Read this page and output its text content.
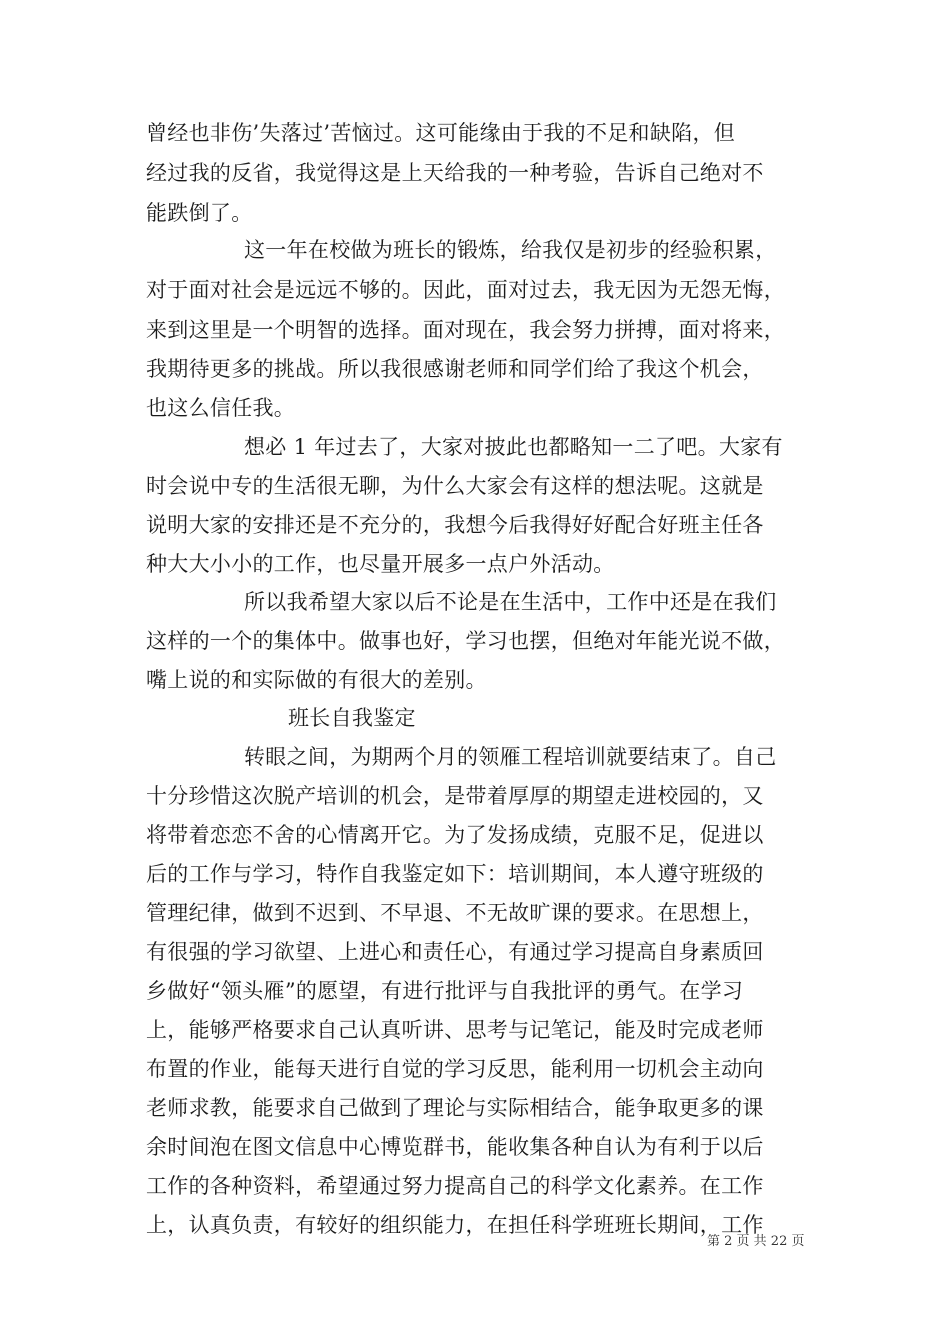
曾经也非伤’失落过’苦恼过。这可能缘由于我的不足和缺陷，但
经过我的反省，我觉得这是上天给我的一种考验，告诉自己绝对不
能跌倒了。
这一年在校做为班长的锻炼，给我仅是初步的经验积累，
对于面对社会是远远不够的。因此，面对过去，我无因为无怨无悔，
来到这里是一个明智的选择。面对现在，我会努力拼搏，面对将来，
我期待更多的挑战。所以我很感谢老师和同学们给了我这个机会，
也这么信任我。
想必 1 年过去了，大家对披此也都略知一二了吧。大家有
时会说中专的生活很无聊，为什么大家会有这样的想法呢。这就是
说明大家的安排还是不充分的，我想今后我得好好配合好班主任各
种大大小小的工作，也尽量开展多一点户外活动。
所以我希望大家以后不论是在生活中，工作中还是在我们
这样的一个的集体中。做事也好，学习也摆，但绝对年能光说不做，
嘴上说的和实际做的有很大的差别。
班长自我鉴定
转眼之间，为期两个月的领雁工程培训就要结束了。自己
十分珍惜这次脱产培训的机会，是带着厚厚的期望走进校园的，又
将带着恋恋不舍的心情离开它。为了发扬成绩，克服不足，促进以
后的工作与学习，特作自我鉴定如下：培训期间，本人遵守班级的
管理纪律，做到不迟到、不早退、不无故旷课的要求。在思想上，
有很强的学习欲望、上进心和责任心，有通过学习提高自身素质回
乡做好“领头雁”的愿望，有进行批评与自我批评的勇气。在学习
上，能够严格要求自己认真听讲、思考与记笔记，能及时完成老师
布置的作业，能每天进行自觉的学习反思，能利用一切机会主动向
老师求教，能要求自己做到了理论与实际相结合，能争取更多的课
余时间泡在图文信息中心博览群书，能收集各种自认为有利于以后
工作的各种资料，希望通过努力提高自己的科学文化素养。在工作
上，认真负责，有较好的组织能力，在担任科学班班长期间，工作
第 2 页 共 22 页
